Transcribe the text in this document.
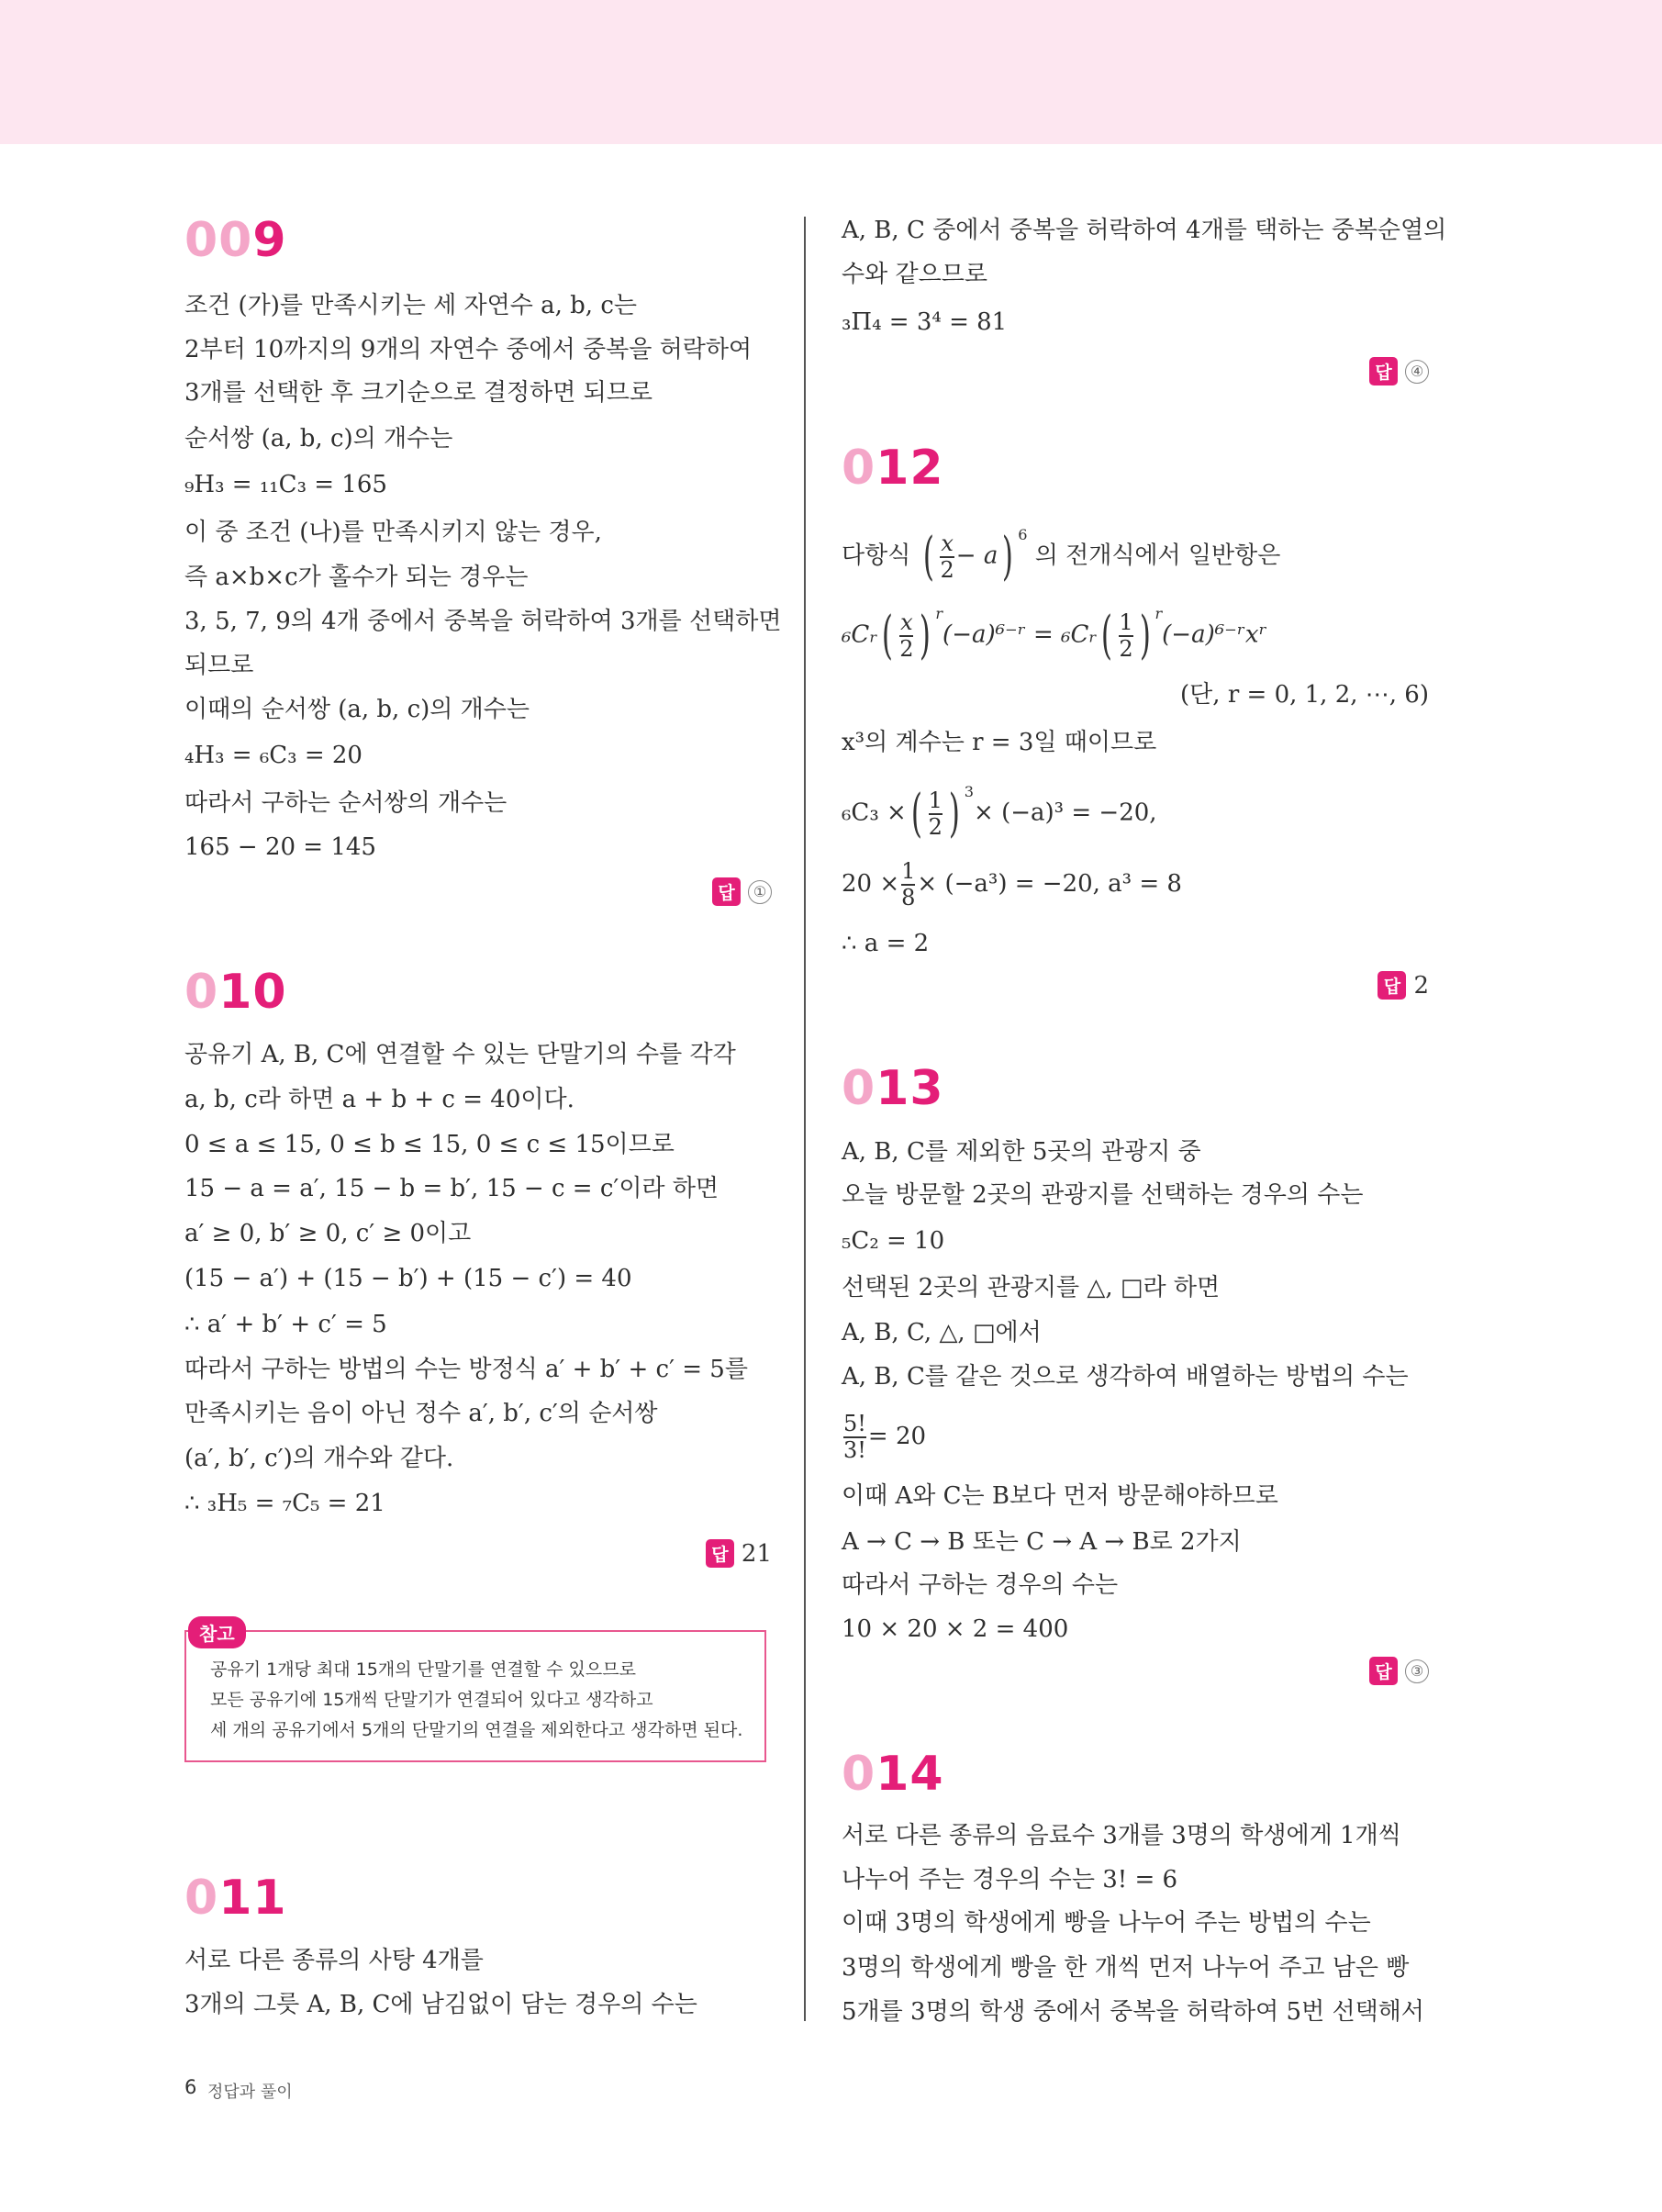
009
조건 (가)를 만족시키는 세 자연수 a, b, c는
2부터 10까지의 9개의 자연수 중에서 중복을 허락하여
3개를 선택한 후 크기순으로 결정하면 되므로
순서쌍 (a, b, c)의 개수는
₉H₃ = ₁₁C₃ = 165
이 중 조건 (나)를 만족시키지 않는 경우,
즉 a×b×c가 홀수가 되는 경우는
3, 5, 7, 9의 4개 중에서 중복을 허락하여 3개를 선택하면
되므로
이때의 순서쌍 (a, b, c)의 개수는
₄H₃ = ₆C₃ = 20
따라서 구하는 순서쌍의 개수는
165 − 20 = 145
답	①
010
공유기 A, B, C에 연결할 수 있는 단말기의 수를 각각
a, b, c라 하면 a + b + c = 40이다.
0 ≤ a ≤ 15, 0 ≤ b ≤ 15, 0 ≤ c ≤ 15이므로
15 − a = a′, 15 − b = b′, 15 − c = c′이라 하면
a′ ≥ 0, b′ ≥ 0, c′ ≥ 0이고
(15 − a′) + (15 − b′) + (15 − c′) = 40
∴ a′ + b′ + c′ = 5
따라서 구하는 방법의 수는 방정식 a′ + b′ + c′ = 5를
만족시키는 음이 아닌 정수 a′, b′, c′의 순서쌍
(a′, b′, c′)의 개수와 같다.
∴ ₃H₅ = ₇C₅ = 21
답 21
참고
공유기 1개당 최대 15개의 단말기를 연결할 수 있으므로
모든 공유기에 15개씩 단말기가 연결되어 있다고 생각하고
세 개의 공유기에서 5개의 단말기의 연결을 제외한다고 생각하면 된다.
011
서로 다른 종류의 사탕 4개를
3개의 그릇 A, B, C에 남김없이 담는 경우의 수는
A, B, C 중에서 중복을 허락하여 4개를 택하는 중복순열의
수와 같으므로
₃Π₄ = 3⁴ = 81
답	④
012
다항식 ( $\frac{x}{2} - a$) $^6$ 의 전개식에서 일반항은
₆Cᵣ( $\frac{x}{2}$ ) $^r$(−a)⁶⁻ʳ = ₆Cᵣ( $\frac{1}{2}$ ) $^r$(−a)⁶⁻ʳxʳ
(단, r = 0, 1, 2, ⋯, 6)
x³의 계수는 r = 3일 때이므로
₆C₃ ×( $\frac{1}{2}$ ) $^3$× (−a)³ = −20,
$20 \times \frac{1}{8} \times (-a^3) = -20$, a³ = 8
∴ a = 2
답 2
013
A, B, C를 제외한 5곳의 관광지 중
오늘 방문할 2곳의 관광지를 선택하는 경우의 수는
₅C₂ = 10
선택된 2곳의 관광지를 △, □라 하면
A, B, C, △, □에서
A, B, C를 같은 것으로 생각하여 배열하는 방법의 수는
$\frac{5!}{3!} = 20$
이때 A와 C는 B보다 먼저 방문해야하므로
A → C → B 또는 C → A → B로 2가지
따라서 구하는 경우의 수는
10 × 20 × 2 = 400
답	③
014
서로 다른 종류의 음료수 3개를 3명의 학생에게 1개씩
나누어 주는 경우의 수는 3! = 6
이때 3명의 학생에게 빵을 나누어 주는 방법의 수는
3명의 학생에게 빵을 한 개씩 먼저 나누어 주고 남은 빵
5개를 3명의 학생 중에서 중복을 허락하여 5번 선택해서
6 정답과 풀이
